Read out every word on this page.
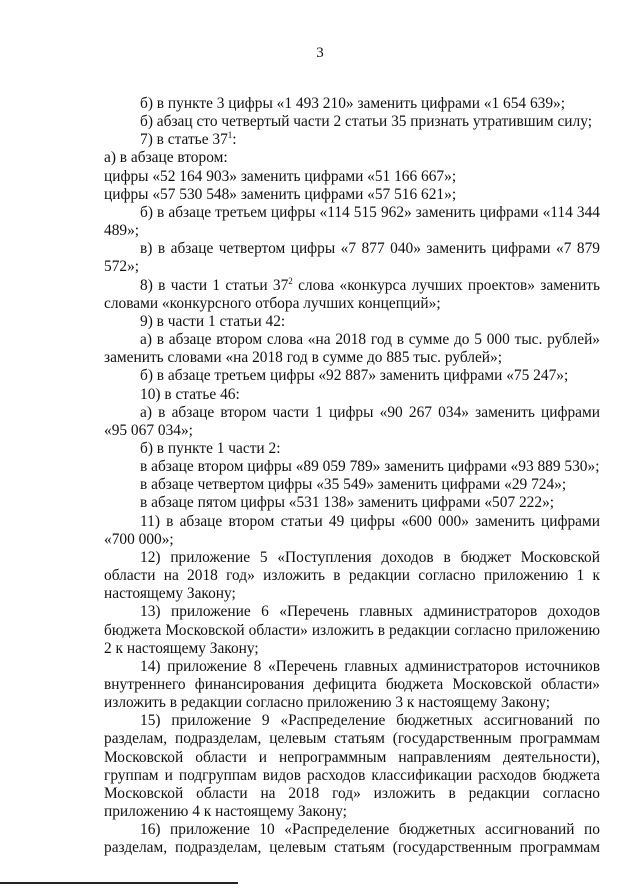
3

б) в пункте 3 цифры «1 493 210» заменить цифрами «1 654 639»;

б) абзац сто четвертый части 2 статьи 35 признать утратившим силу;

7) в статье $37^1$:

а) в абзаце втором:

цифры «52 164 903» заменить цифрами «51 166 667»;

цифры «57 530 548» заменить цифрами «57 516 621»;

б) в абзаце третьем цифры «114 515 962» заменить цифрами «114 344 489»;

в) в абзаце четвертом цифры «7 877 040» заменить цифрами «7 879 572»;

8) в части 1 статьи $37^2$ слова «конкурса лучших проектов» заменить словами «конкурсного отбора лучших концепций»;

9) в части 1 статьи 42:

а) в абзаце втором слова «на 2018 год в сумме до 5 000 тыс. рублей» заменить словами «на 2018 год в сумме до 885 тыс. рублей»;

б) в абзаце третьем цифры «92 887» заменить цифрами «75 247»;

10) в статье 46:

а) в абзаце втором части 1 цифры «90 267 034» заменить цифрами «95 067 034»;

б) в пункте 1 части 2:

в абзаце втором цифры «89 059 789» заменить цифрами «93 889 530»;

в абзаце четвертом цифры «35 549» заменить цифрами «29 724»;

в абзаце пятом цифры «531 138» заменить цифрами «507 222»;

11) в абзаце втором статьи 49 цифры «600 000» заменить цифрами «700 000»;

12) приложение 5 «Поступления доходов в бюджет Московской области на 2018 год» изложить в редакции согласно приложению 1 к настоящему Закону;

13) приложение 6 «Перечень главных администраторов доходов бюджета Московской области» изложить в редакции согласно приложению 2 к настоящему Закону;

14) приложение 8 «Перечень главных администраторов источников внутреннего финансирования дефицита бюджета Московской области» изложить в редакции согласно приложению 3 к настоящему Закону;

15) приложение 9 «Распределение бюджетных ассигнований по разделам, подразделам, целевым статьям (государственным программам Московской области и непрограммным направлениям деятельности), группам и подгруппам видов расходов классификации расходов бюджета Московской области на 2018 год» изложить в редакции согласно приложению 4 к настоящему Закону;

16) приложение 10 «Распределение бюджетных ассигнований по разделам, подразделам, целевым статьям (государственным программам
